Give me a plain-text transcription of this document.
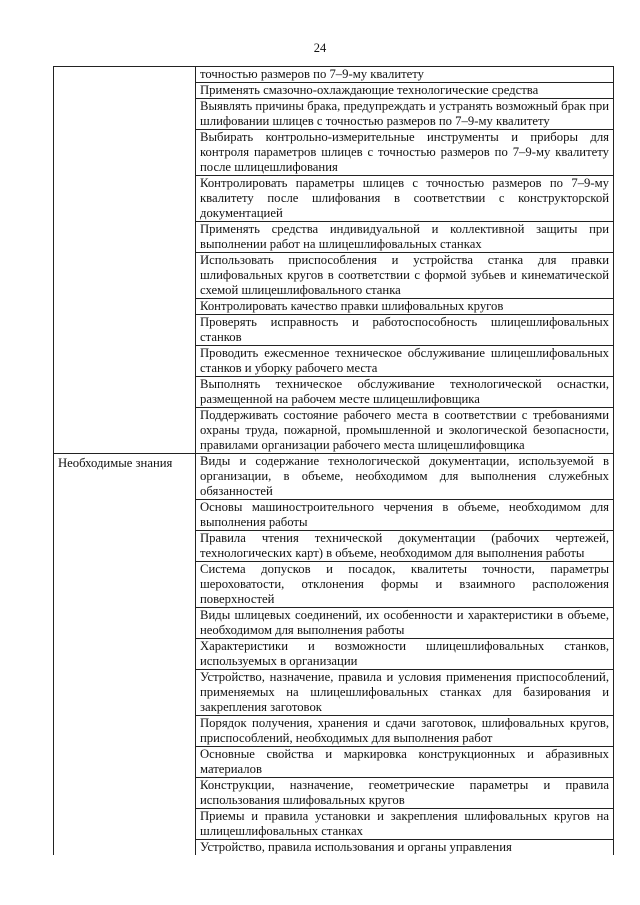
24
	точностью размеров по 7–9-му квалитету
	Применять смазочно-охлаждающие технологические средства
	Выявлять причины брака, предупреждать и устранять возможный брак при шлифовании шлицев с точностью размеров по 7–9-му квалитету
	Выбирать контрольно-измерительные инструменты и приборы для контроля параметров шлицев с точностью размеров по 7–9-му квалитету после шлицешлифования
	Контролировать параметры шлицев с точностью размеров по 7–9-му квалитету после шлифования в соответствии с конструкторской документацией
	Применять средства индивидуальной и коллективной защиты при выполнении работ на шлицешлифовальных станках
	Использовать приспособления и устройства станка для правки шлифовальных кругов в соответствии с формой зубьев и кинематической схемой шлицешлифовального станка
	Контролировать качество правки шлифовальных кругов
	Проверять исправность и работоспособность шлицешлифовальных станков
	Проводить ежесменное техническое обслуживание шлицешлифовальных станков и уборку рабочего места
	Выполнять техническое обслуживание технологической оснастки, размещенной на рабочем месте шлицешлифовщика
	Поддерживать состояние рабочего места в соответствии с требованиями охраны труда, пожарной, промышленной и экологической безопасности, правилами организации рабочего места шлицешлифовщика
Необходимые знания	Виды и содержание технологической документации, используемой в организации, в объеме, необходимом для выполнения служебных обязанностей
	Основы машиностроительного черчения в объеме, необходимом для выполнения работы
	Правила чтения технической документации (рабочих чертежей, технологических карт) в объеме, необходимом для выполнения работы
	Система допусков и посадок, квалитеты точности, параметры шероховатости, отклонения формы и взаимного расположения поверхностей
	Виды шлицевых соединений, их особенности и характеристики в объеме, необходимом для выполнения работы
	Характеристики и возможности шлицешлифовальных станков, используемых в организации
	Устройство, назначение, правила и условия применения приспособлений, применяемых на шлицешлифовальных станках для базирования и закрепления заготовок
	Порядок получения, хранения и сдачи заготовок, шлифовальных кругов, приспособлений, необходимых для выполнения работ
	Основные свойства и маркировка конструкционных и абразивных материалов
	Конструкции, назначение, геометрические параметры и правила использования шлифовальных кругов
	Приемы и правила установки и закрепления шлифовальных кругов на шлицешлифовальных станках
	Устройство, правила использования и органы управления
